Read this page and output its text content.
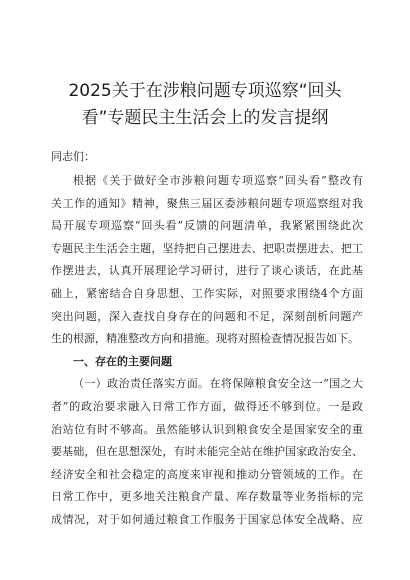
2025关于在涉粮问题专项巡察“回头
看”专题民主生活会上的发言提纲

同志们：

根据《关于做好全市涉粮问题专项巡察“回头看”整改有
关工作的通知》精神，聚焦三届区委涉粮问题专项巡察组对我
局开展专项巡察“回头看”反馈的问题清单，我紧紧围绕此次
专题民主生活会主题，坚持把自己摆进去、把职责摆进去、把工
作摆进去，认真开展理论学习研讨，进行了谈心谈话，在此基
础上，紧密结合自身思想、工作实际，对照要求围绕4个方面
突出问题，深入查找自身存在的问题和不足，深刻剖析问题产
生的根源，精准整改方向和措施。现将对照检查情况报告如下。
一、存在的主要问题
（一）政治责任落实方面。在将保障粮食安全这一“国之大
者”的政治要求融入日常工作方面，做得还不够到位。一是政
治站位有时不够高。虽然能够认识到粮食安全是国家安全的重
要基础，但在思想深处，有时未能完全站在维护国家政治安全、
经济安全和社会稳定的高度来审视和推动分管领域的工作。在
日常工作中，更多地关注粮食产量、库存数量等业务指标的完
成情况，对于如何通过粮食工作服务于国家总体安全战略、应
